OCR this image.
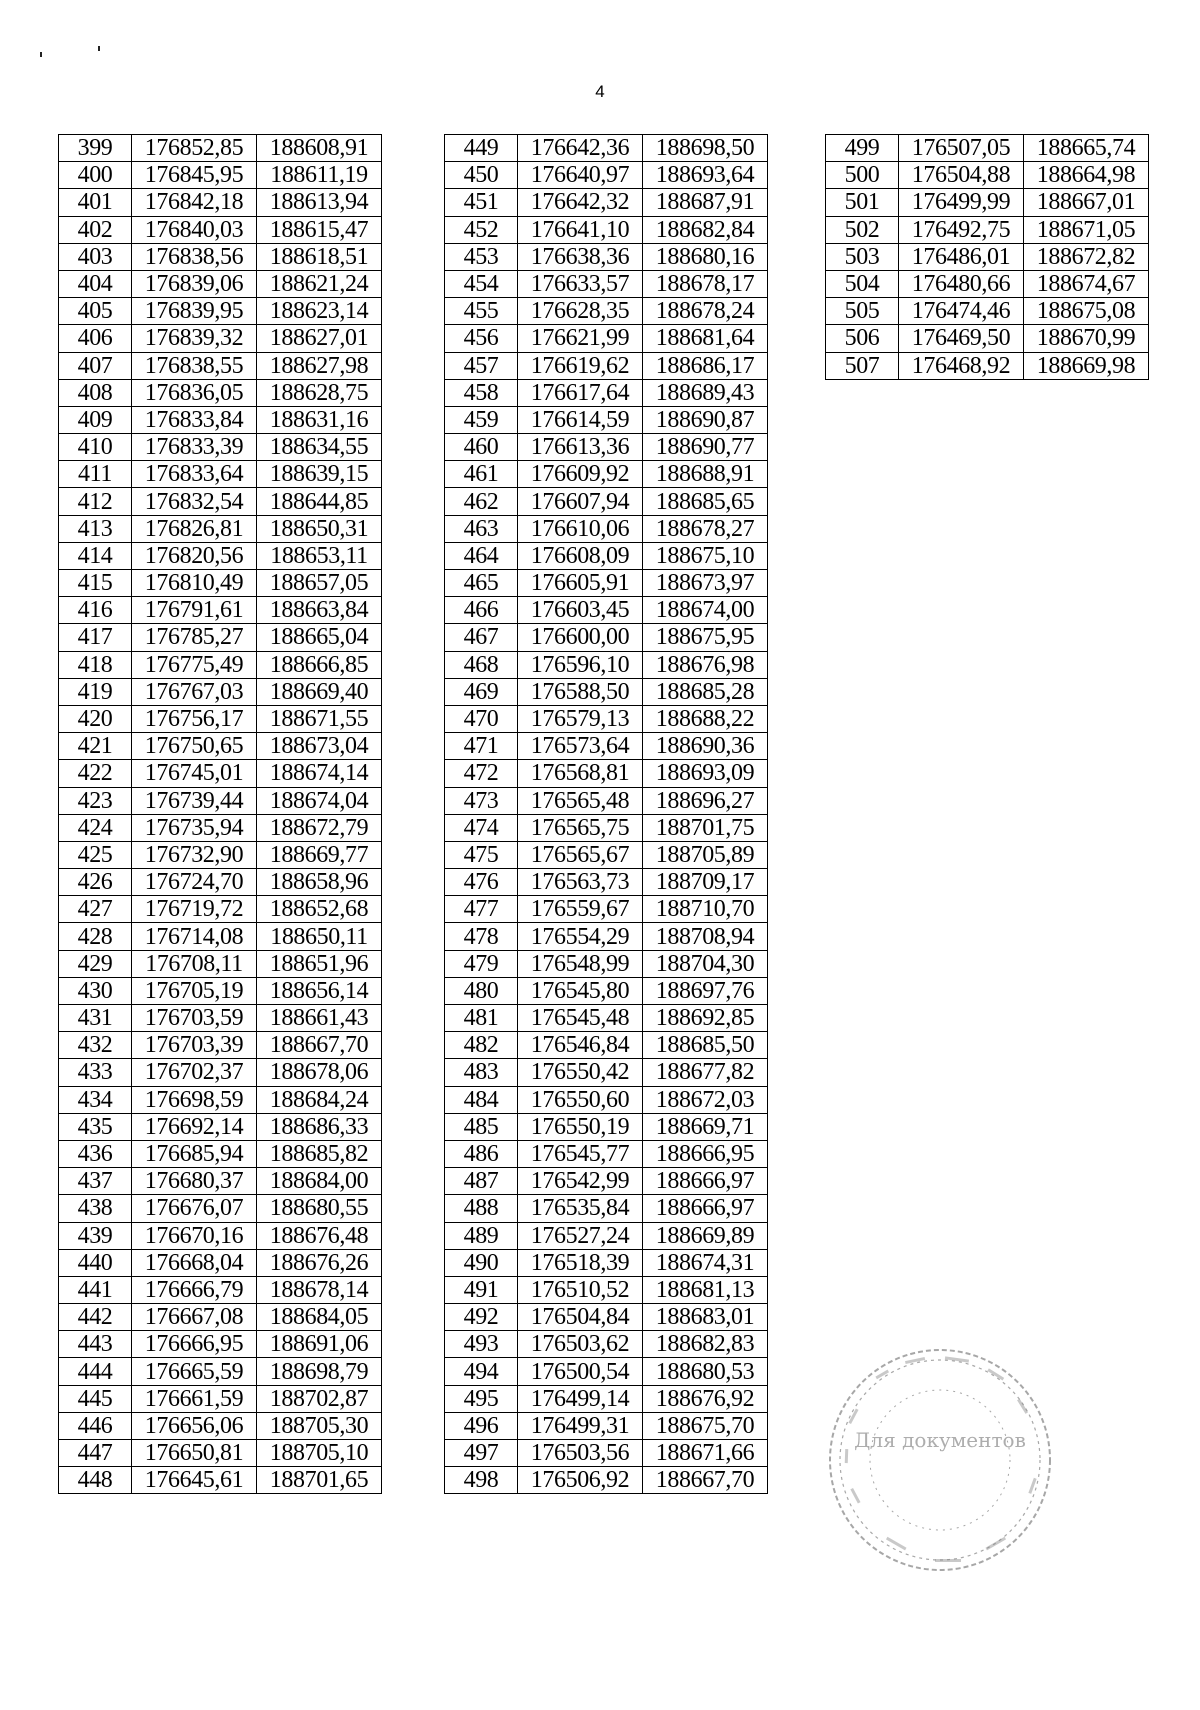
4
399	176852,85	188608,91
400	176845,95	188611,19
401	176842,18	188613,94
402	176840,03	188615,47
403	176838,56	188618,51
404	176839,06	188621,24
405	176839,95	188623,14
406	176839,32	188627,01
407	176838,55	188627,98
408	176836,05	188628,75
409	176833,84	188631,16
410	176833,39	188634,55
411	176833,64	188639,15
412	176832,54	188644,85
413	176826,81	188650,31
414	176820,56	188653,11
415	176810,49	188657,05
416	176791,61	188663,84
417	176785,27	188665,04
418	176775,49	188666,85
419	176767,03	188669,40
420	176756,17	188671,55
421	176750,65	188673,04
422	176745,01	188674,14
423	176739,44	188674,04
424	176735,94	188672,79
425	176732,90	188669,77
426	176724,70	188658,96
427	176719,72	188652,68
428	176714,08	188650,11
429	176708,11	188651,96
430	176705,19	188656,14
431	176703,59	188661,43
432	176703,39	188667,70
433	176702,37	188678,06
434	176698,59	188684,24
435	176692,14	188686,33
436	176685,94	188685,82
437	176680,37	188684,00
438	176676,07	188680,55
439	176670,16	188676,48
440	176668,04	188676,26
441	176666,79	188678,14
442	176667,08	188684,05
443	176666,95	188691,06
444	176665,59	188698,79
445	176661,59	188702,87
446	176656,06	188705,30
447	176650,81	188705,10
448	176645,61	188701,65
449	176642,36	188698,50
450	176640,97	188693,64
451	176642,32	188687,91
452	176641,10	188682,84
453	176638,36	188680,16
454	176633,57	188678,17
455	176628,35	188678,24
456	176621,99	188681,64
457	176619,62	188686,17
458	176617,64	188689,43
459	176614,59	188690,87
460	176613,36	188690,77
461	176609,92	188688,91
462	176607,94	188685,65
463	176610,06	188678,27
464	176608,09	188675,10
465	176605,91	188673,97
466	176603,45	188674,00
467	176600,00	188675,95
468	176596,10	188676,98
469	176588,50	188685,28
470	176579,13	188688,22
471	176573,64	188690,36
472	176568,81	188693,09
473	176565,48	188696,27
474	176565,75	188701,75
475	176565,67	188705,89
476	176563,73	188709,17
477	176559,67	188710,70
478	176554,29	188708,94
479	176548,99	188704,30
480	176545,80	188697,76
481	176545,48	188692,85
482	176546,84	188685,50
483	176550,42	188677,82
484	176550,60	188672,03
485	176550,19	188669,71
486	176545,77	188666,95
487	176542,99	188666,97
488	176535,84	188666,97
489	176527,24	188669,89
490	176518,39	188674,31
491	176510,52	188681,13
492	176504,84	188683,01
493	176503,62	188682,83
494	176500,54	188680,53
495	176499,14	188676,92
496	176499,31	188675,70
497	176503,56	188671,66
498	176506,92	188667,70
499	176507,05	188665,74
500	176504,88	188664,98
501	176499,99	188667,01
502	176492,75	188671,05
503	176486,01	188672,82
504	176480,66	188674,67
505	176474,46	188675,08
506	176469,50	188670,99
507	176468,92	188669,98
Для документов
